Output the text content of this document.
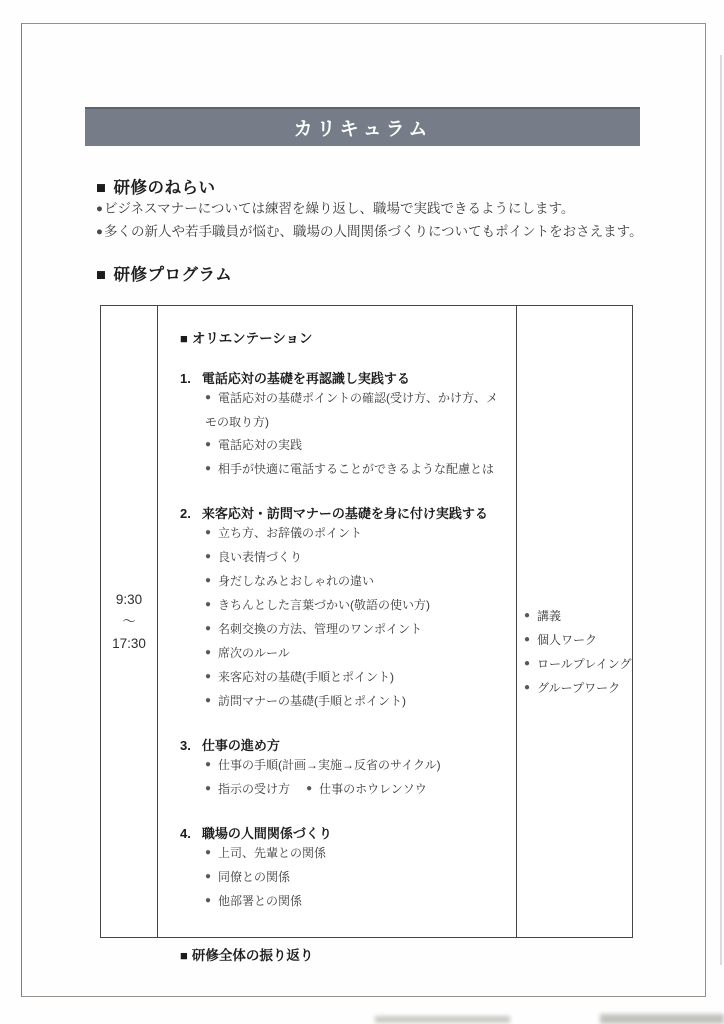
カリキュラム
■ 研修のねらい
●ビジネスマナーについては練習を繰り返し、職場で実践できるようにします。
●多くの新人や若手職員が悩む、職場の人間関係づくりについてもポイントをおさえます。
■ 研修プログラム
9:30
～
17:30
■ オリエンテーション
1. 電話応対の基礎を再認識し実践する
● 電話応対の基礎ポイントの確認(受け方、かけ方、メモの取り方)
● 電話応対の実践
● 相手が快適に電話することができるような配慮とは
2. 来客応対・訪問マナーの基礎を身に付け実践する
● 立ち方、お辞儀のポイント
● 良い表情づくり
● 身だしなみとおしゃれの違い
● きちんとした言葉づかい(敬語の使い方)
● 名刺交換の方法、管理のワンポイント
● 席次のルール
● 来客応対の基礎(手順とポイント)
● 訪問マナーの基礎(手順とポイント)
3. 仕事の進め方
● 仕事の手順(計画→実施→反省のサイクル)
● 指示の受け方 ● 仕事のホウレンソウ
4. 職場の人間関係づくり
● 上司、先輩との関係
● 同僚との関係
● 他部署との関係
■ 研修全体の振り返り
● 講義
● 個人ワーク
● ロールプレイング
● グループワーク
